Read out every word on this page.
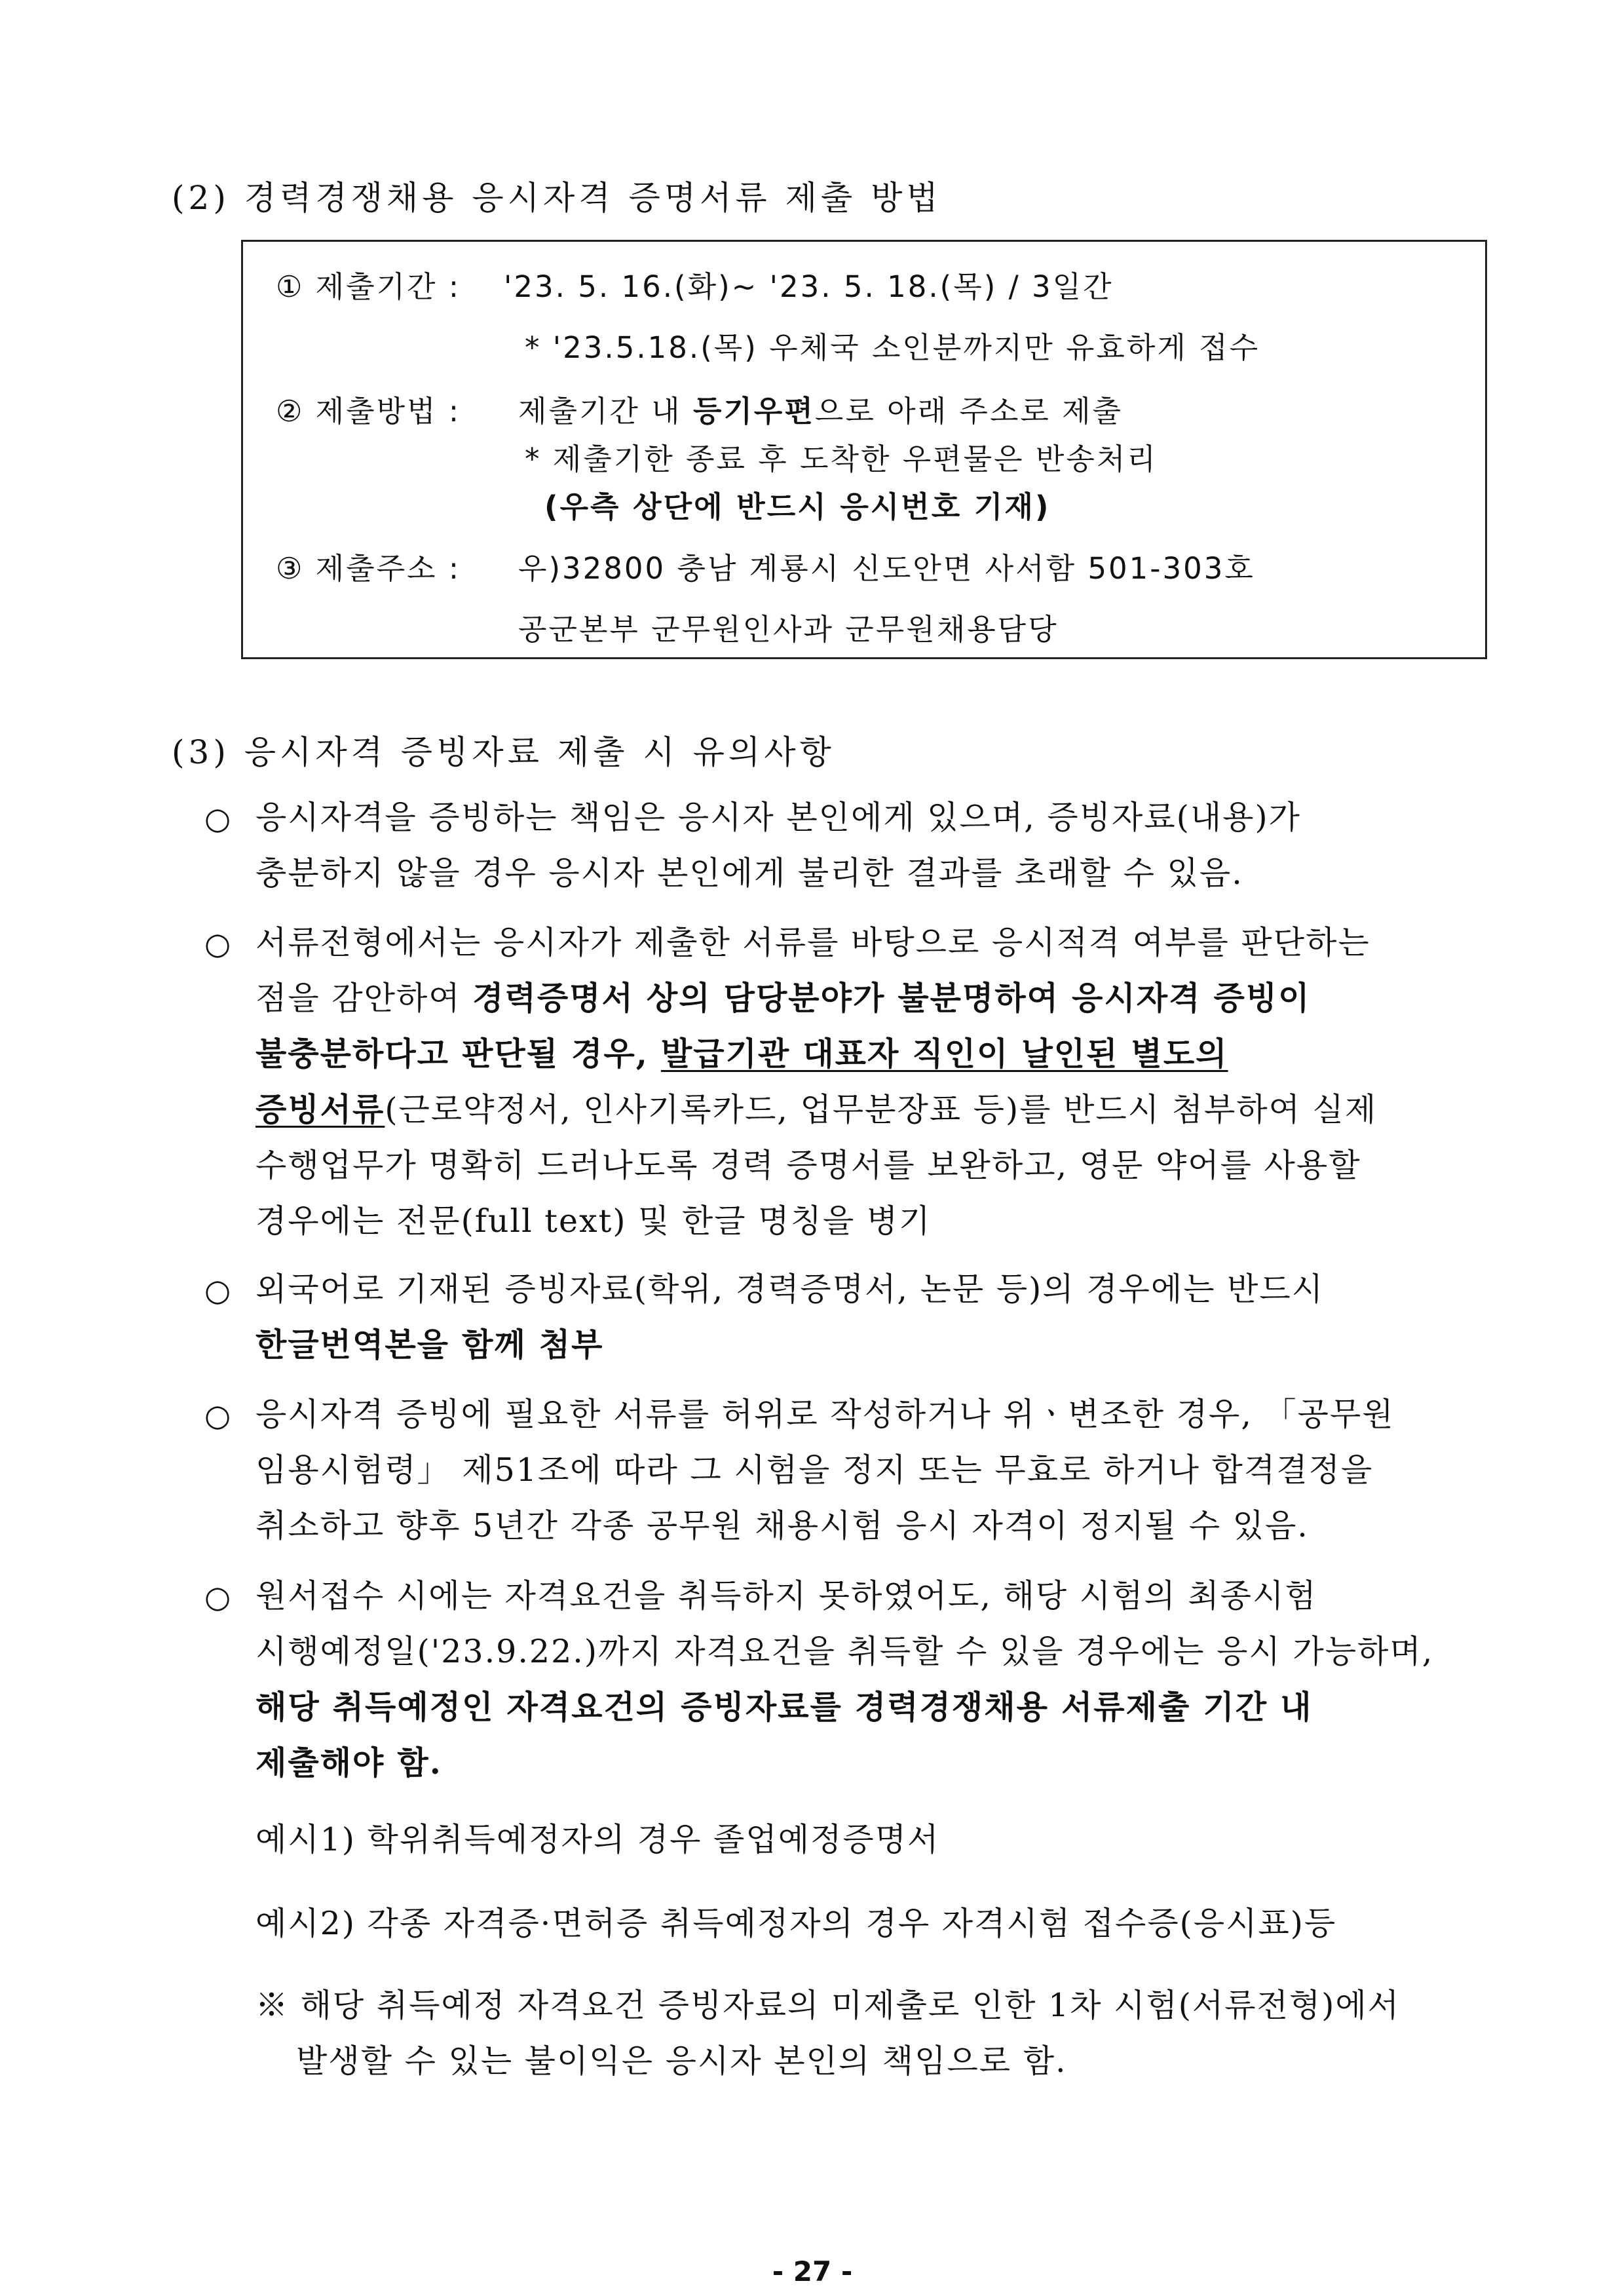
(2) 경력경쟁채용 응시자격 증명서류 제출 방법
① 제출기간 : '23. 5. 16.(화)~ '23. 5. 18.(목) / 3일간
* '23.5.18.(목) 우체국 소인분까지만 유효하게 접수
② 제출방법 : 제출기간 내 등기우편으로 아래 주소로 제출
* 제출기한 종료 후 도착한 우편물은 반송처리
(우측 상단에 반드시 응시번호 기재)
③ 제출주소 : 우)32800 충남 계룡시 신도안면 사서함 501-303호
공군본부 군무원인사과 군무원채용담당
(3) 응시자격 증빙자료 제출 시 유의사항
○ 응시자격을 증빙하는 책임은 응시자 본인에게 있으며, 증빙자료(내용)가
충분하지 않을 경우 응시자 본인에게 불리한 결과를 초래할 수 있음.

○ 서류전형에서는 응시자가 제출한 서류를 바탕으로 응시적격 여부를 판단하는
점을 감안하여 경력증명서 상의 담당분야가 불분명하여 응시자격 증빙이
불충분하다고 판단될 경우, 발급기관 대표자 직인이 날인된 별도의
증빙서류(근로약정서, 인사기록카드, 업무분장표 등)를 반드시 첨부하여 실제
수행업무가 명확히 드러나도록 경력 증명서를 보완하고, 영문 약어를 사용할
경우에는 전문(full text) 및 한글 명칭을 병기

○ 외국어로 기재된 증빙자료(학위, 경력증명서, 논문 등)의 경우에는 반드시
한글번역본을 함께 첨부

○ 응시자격 증빙에 필요한 서류를 허위로 작성하거나 위ㆍ변조한 경우, 「공무원
임용시험령」 제51조에 따라 그 시험을 정지 또는 무효로 하거나 합격결정을
취소하고 향후 5년간 각종 공무원 채용시험 응시 자격이 정지될 수 있음.

○ 원서접수 시에는 자격요건을 취득하지 못하였어도, 해당 시험의 최종시험
시행예정일('23.9.22.)까지 자격요건을 취득할 수 있을 경우에는 응시 가능하며,
해당 취득예정인 자격요건의 증빙자료를 경력경쟁채용 서류제출 기간 내
제출해야 함.

예시1) 학위취득예정자의 경우 졸업예정증명서

예시2) 각종 자격증·면허증 취득예정자의 경우 자격시험 접수증(응시표)등

※ 해당 취득예정 자격요건 증빙자료의 미제출로 인한 1차 시험(서류전형)에서
발생할 수 있는 불이익은 응시자 본인의 책임으로 함.

- 27 -
